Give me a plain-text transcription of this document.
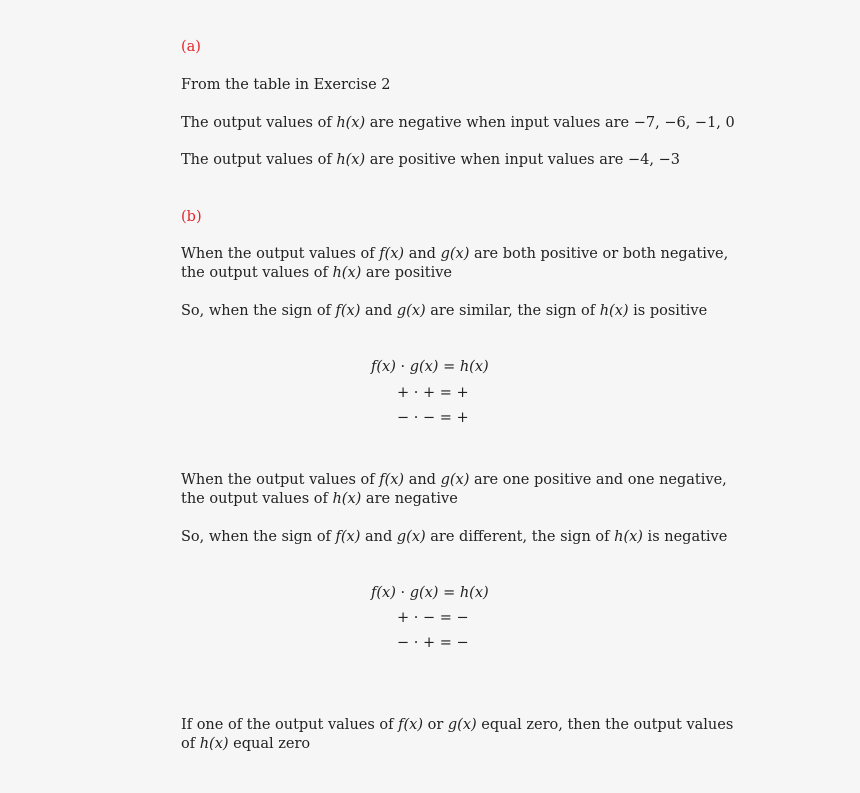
(a)
From the table in Exercise 2
The output values of h(x) are negative when input values are −7, −6, −1, 0
The output values of h(x) are positive when input values are −4, −3
(b)
When the output values of f(x) and g(x) are both positive or both negative,
the output values of h(x) are positive
So, when the sign of f(x) and g(x) are similar, the sign of h(x) is positive
f(x) · g(x) = h(x)
+ · + = +
− · − = +
When the output values of f(x) and g(x) are one positive and one negative,
the output values of h(x) are negative
So, when the sign of f(x) and g(x) are different, the sign of h(x) is negative
f(x) · g(x) = h(x)
+ · − = −
− · + = −
If one of the output values of f(x) or g(x) equal zero, then the output values
of h(x) equal zero
